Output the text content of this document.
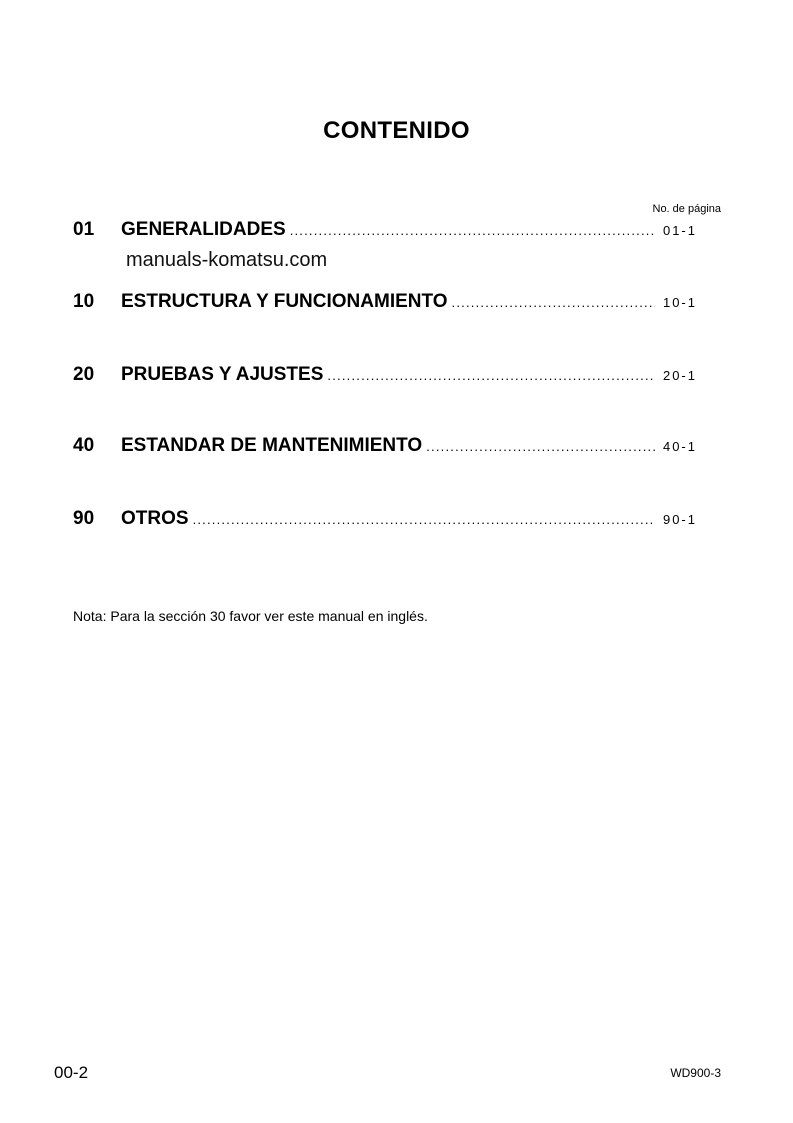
CONTENIDO
No. de página
01	GENERALIDADES .....	01-1
manuals-komatsu.com
10	ESTRUCTURA Y FUNCIONAMIENTO .....	10-1
20	PRUEBAS Y AJUSTES .....	20-1
40	ESTANDAR DE MANTENIMIENTO .....	40-1
90	OTROS .....	90-1
Nota: Para la sección 30 favor ver este manual en inglés.
00-2	WD900-3
